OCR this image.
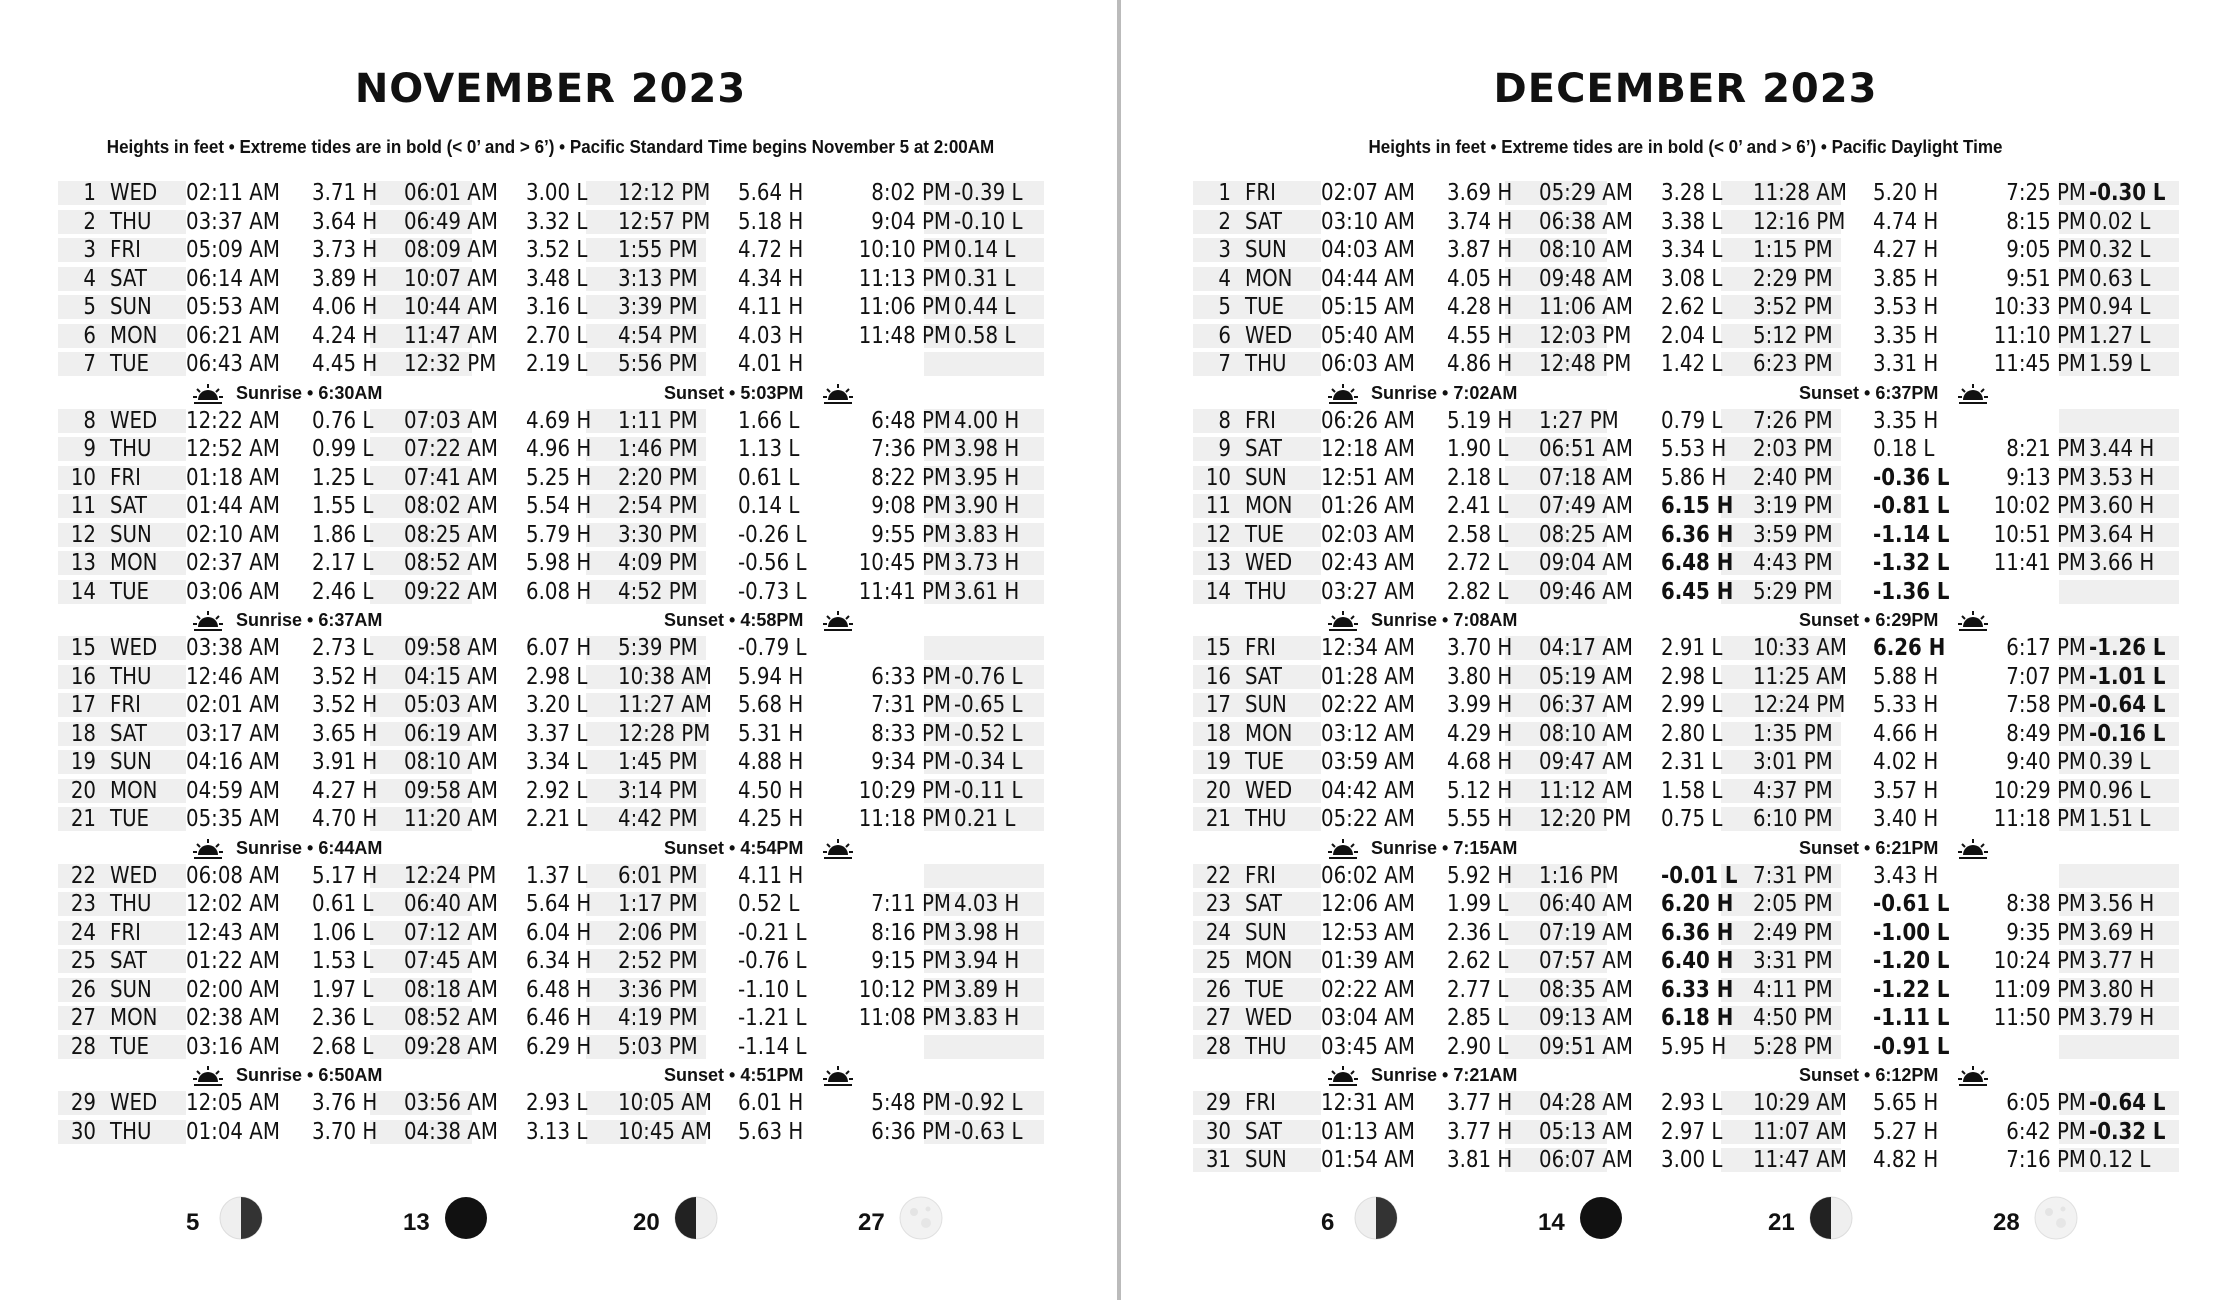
NOVEMBER 2023
Heights in feet • Extreme tides are in bold (< 0’ and > 6’) • Pacific Standard Time begins November 5 at 2:00AM
1 WED	02:11 AM 3.71 H 06:01 AM	3.00 L	12:12 PM	5.64 H	8:02 PM -0.39 L
2 THU	03:37 AM 3.64 H 06:49 AM	3.32 L	12:57 PM	5.18 H	9:04 PM -0.10 L
3 FRI	05:09 AM 3.73 H 08:09 AM	3.52 L	1:55 PM	4.72 H	10:10 PM 0.14 L
4 SAT	06:14 AM 3.89 H 10:07 AM	3.48 L	3:13 PM	4.34 H	11:13 PM 0.31 L
5 SUN	05:53 AM 4.06 H 10:44 AM	3.16 L	3:39 PM	4.11 H	11:06 PM 0.44 L
6 MON	06:21 AM 4.24 H 11:47 AM	2.70 L	4:54 PM	4.03 H	11:48 PM 0.58 L
7 TUE	06:43 AM 4.45 H 12:32 PM	2.19 L	5:56 PM	4.01 H
Sunrise • 6:30AM	Sunset • 5:03PM
8 WED	12:22 AM 0.76 L	07:03 AM	4.69 H 1:11 PM	1.66 L	6:48 PM 4.00 H
9 THU	12:52 AM 0.99 L	07:22 AM	4.96 H 1:46 PM	1.13 L	7:36 PM 3.98 H
10 FRI	01:18 AM 1.25 L	07:41 AM	5.25 H 2:20 PM	0.61 L	8:22 PM 3.95 H
11 SAT	01:44 AM 1.55 L	08:02 AM	5.54 H 2:54 PM	0.14 L	9:08 PM 3.90 H
12 SUN	02:10 AM 1.86 L	08:25 AM	5.79 H 3:30 PM	-0.26 L	9:55 PM 3.83 H
13 MON	02:37 AM 2.17 L	08:52 AM	5.98 H 4:09 PM	-0.56 L	10:45 PM 3.73 H
14 TUE	03:06 AM 2.46 L	09:22 AM	6.08 H 4:52 PM	-0.73 L	11:41 PM 3.61 H
Sunrise • 6:37AM	Sunset • 4:58PM
15 WED	03:38 AM 2.73 L	09:58 AM	6.07 H 5:39 PM	-0.79 L
16 THU	12:46 AM 3.52 H 04:15 AM	2.98 L	10:38 AM	5.94 H	6:33 PM -0.76 L
17 FRI	02:01 AM 3.52 H 05:03 AM	3.20 L	11:27 AM	5.68 H	7:31 PM -0.65 L
18 SAT	03:17 AM 3.65 H 06:19 AM	3.37 L	12:28 PM	5.31 H	8:33 PM -0.52 L
19 SUN	04:16 AM 3.91 H 08:10 AM	3.34 L	1:45 PM	4.88 H	9:34 PM -0.34 L
20 MON	04:59 AM 4.27 H 09:58 AM	2.92 L	3:14 PM	4.50 H	10:29 PM -0.11 L
21 TUE	05:35 AM 4.70 H 11:20 AM	2.21 L	4:42 PM	4.25 H	11:18 PM 0.21 L
Sunrise • 6:44AM	Sunset • 4:54PM
22 WED	06:08 AM 5.17 H 12:24 PM	1.37 L	6:01 PM	4.11 H
23 THU	12:02 AM 0.61 L	06:40 AM	5.64 H 1:17 PM	0.52 L	7:11 PM 4.03 H
24 FRI	12:43 AM 1.06 L	07:12 AM	6.04 H 2:06 PM	-0.21 L	8:16 PM 3.98 H
25 SAT	01:22 AM 1.53 L	07:45 AM	6.34 H 2:52 PM	-0.76 L	9:15 PM 3.94 H
26 SUN	02:00 AM 1.97 L	08:18 AM	6.48 H 3:36 PM	-1.10 L	10:12 PM 3.89 H
27 MON	02:38 AM 2.36 L	08:52 AM	6.46 H 4:19 PM	-1.21 L	11:08 PM 3.83 H
28 TUE	03:16 AM 2.68 L	09:28 AM	6.29 H 5:03 PM	-1.14 L
Sunrise • 6:50AM	Sunset • 4:51PM
29 WED	12:05 AM 3.76 H 03:56 AM	2.93 L	10:05 AM	6.01 H	5:48 PM -0.92 L
30 THU	01:04 AM 3.70 H 04:38 AM	3.13 L	10:45 AM	5.63 H	6:36 PM -0.63 L
5	13	20	27
DECEMBER 2023
Heights in feet • Extreme tides are in bold (< 0’ and > 6’) • Pacific Daylight Time
1 FRI	02:07 AM 3.69 H 05:29 AM	3.28 L	11:28 AM	5.20 H	7:25 PM -0.30 L
2 SAT	03:10 AM 3.74 H 06:38 AM	3.38 L	12:16 PM	4.74 H	8:15 PM 0.02 L
3 SUN	04:03 AM 3.87 H 08:10 AM	3.34 L	1:15 PM	4.27 H	9:05 PM 0.32 L
4 MON	04:44 AM 4.05 H 09:48 AM	3.08 L	2:29 PM	3.85 H	9:51 PM 0.63 L
5 TUE	05:15 AM 4.28 H 11:06 AM	2.62 L	3:52 PM	3.53 H	10:33 PM 0.94 L
6 WED	05:40 AM 4.55 H 12:03 PM	2.04 L	5:12 PM	3.35 H	11:10 PM 1.27 L
7 THU	06:03 AM 4.86 H 12:48 PM	1.42 L	6:23 PM	3.31 H	11:45 PM 1.59 L
Sunrise • 7:02AM	Sunset • 6:37PM
8 FRI	06:26 AM 5.19 H 1:27 PM	0.79 L	7:26 PM	3.35 H
9 SAT	12:18 AM 1.90 L	06:51 AM	5.53 H 2:03 PM	0.18 L	8:21 PM 3.44 H
10 SUN	12:51 AM 2.18 L	07:18 AM	5.86 H 2:40 PM	-0.36 L	9:13 PM 3.53 H
11 MON	01:26 AM 2.41 L	07:49 AM	6.15 H 3:19 PM	-0.81 L	10:02 PM 3.60 H
12 TUE	02:03 AM 2.58 L	08:25 AM	6.36 H 3:59 PM	-1.14 L	10:51 PM 3.64 H
13 WED	02:43 AM 2.72 L	09:04 AM	6.48 H 4:43 PM	-1.32 L	11:41 PM 3.66 H
14 THU	03:27 AM 2.82 L	09:46 AM	6.45 H 5:29 PM	-1.36 L
Sunrise • 7:08AM	Sunset • 6:29PM
15 FRI	12:34 AM 3.70 H 04:17 AM	2.91 L	10:33 AM	6.26 H	6:17 PM -1.26 L
16 SAT	01:28 AM 3.80 H 05:19 AM	2.98 L	11:25 AM	5.88 H	7:07 PM -1.01 L
17 SUN	02:22 AM 3.99 H 06:37 AM	2.99 L	12:24 PM	5.33 H	7:58 PM -0.64 L
18 MON	03:12 AM 4.29 H 08:10 AM	2.80 L	1:35 PM	4.66 H	8:49 PM -0.16 L
19 TUE	03:59 AM 4.68 H 09:47 AM	2.31 L	3:01 PM	4.02 H	9:40 PM 0.39 L
20 WED	04:42 AM 5.12 H 11:12 AM	1.58 L	4:37 PM	3.57 H	10:29 PM 0.96 L
21 THU	05:22 AM 5.55 H 12:20 PM	0.75 L	6:10 PM	3.40 H	11:18 PM 1.51 L
Sunrise • 7:15AM	Sunset • 6:21PM
22 FRI	06:02 AM 5.92 H 1:16 PM	-0.01 L 7:31 PM	3.43 H
23 SAT	12:06 AM 1.99 L	06:40 AM	6.20 H 2:05 PM	-0.61 L	8:38 PM 3.56 H
24 SUN	12:53 AM 2.36 L	07:19 AM	6.36 H 2:49 PM	-1.00 L	9:35 PM 3.69 H
25 MON	01:39 AM 2.62 L	07:57 AM	6.40 H 3:31 PM	-1.20 L	10:24 PM 3.77 H
26 TUE	02:22 AM 2.77 L	08:35 AM	6.33 H 4:11 PM	-1.22 L	11:09 PM 3.80 H
27 WED	03:04 AM 2.85 L	09:13 AM	6.18 H 4:50 PM	-1.11 L	11:50 PM 3.79 H
28 THU	03:45 AM 2.90 L	09:51 AM	5.95 H 5:28 PM	-0.91 L
Sunrise • 7:21AM	Sunset • 6:12PM
29 FRI	12:31 AM 3.77 H 04:28 AM	2.93 L	10:29 AM	5.65 H	6:05 PM -0.64 L
30 SAT	01:13 AM 3.77 H 05:13 AM	2.97 L	11:07 AM	5.27 H	6:42 PM -0.32 L
31 SUN	01:54 AM 3.81 H 06:07 AM	3.00 L	11:47 AM	4.82 H	7:16 PM 0.12 L
6	14	21	28
